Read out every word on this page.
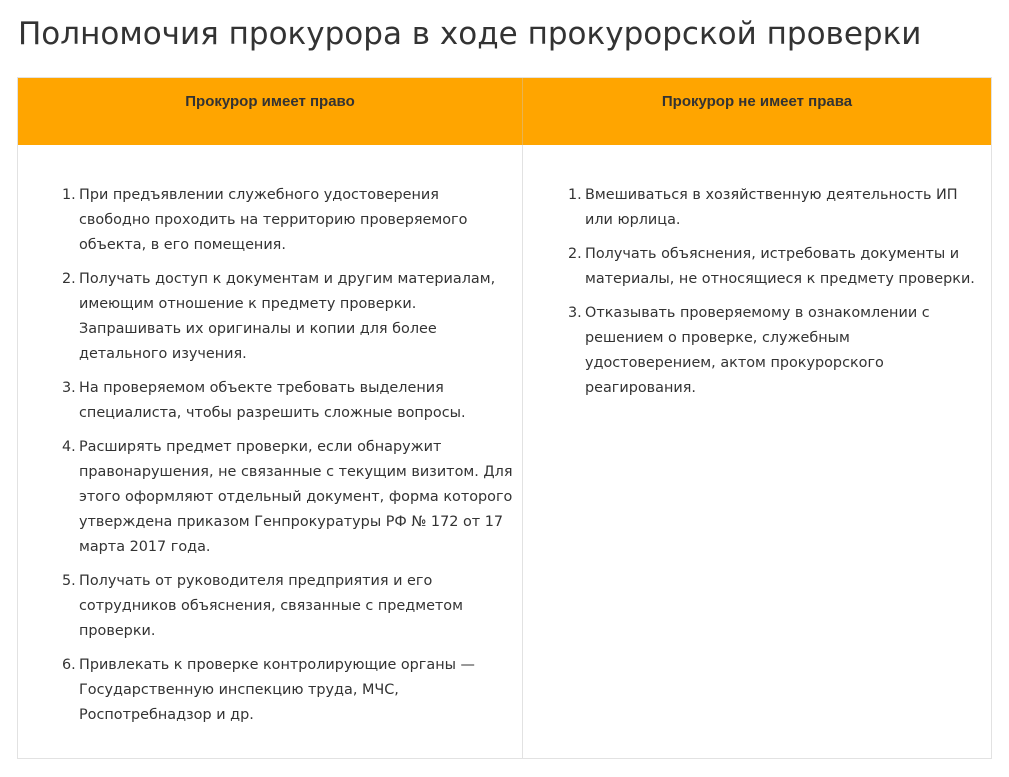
Полномочия прокурора в ходе прокурорской проверки
Прокурор имеет право	Прокурор не имеет права
1. При предъявлении служебного удостоверения свободно проходить на территорию проверяемого объекта, в его помещения.
2. Получать доступ к документам и другим материалам, имеющим отношение к предмету проверки. Запрашивать их оригиналы и копии для более детального изучения.
3. На проверяемом объекте требовать выделения специалиста, чтобы разрешить сложные вопросы.
4. Расширять предмет проверки, если обнаружит правонарушения, не связанные с текущим визитом. Для этого оформляют отдельный документ, форма которого утверждена приказом Генпрокуратуры РФ № 172 от 17 марта 2017 года.
5. Получать от руководителя предприятия и его сотрудников объяснения, связанные с предметом проверки.
6. Привлекать к проверке контролирующие органы — Государственную инспекцию труда, МЧС, Роспотребнадзор и др.
1. Вмешиваться в хозяйственную деятельность ИП или юрлица.
2. Получать объяснения, истребовать документы и материалы, не относящиеся к предмету проверки.
3. Отказывать проверяемому в ознакомлении с решением о проверке, служебным удостоверением, актом прокурорского реагирования.
